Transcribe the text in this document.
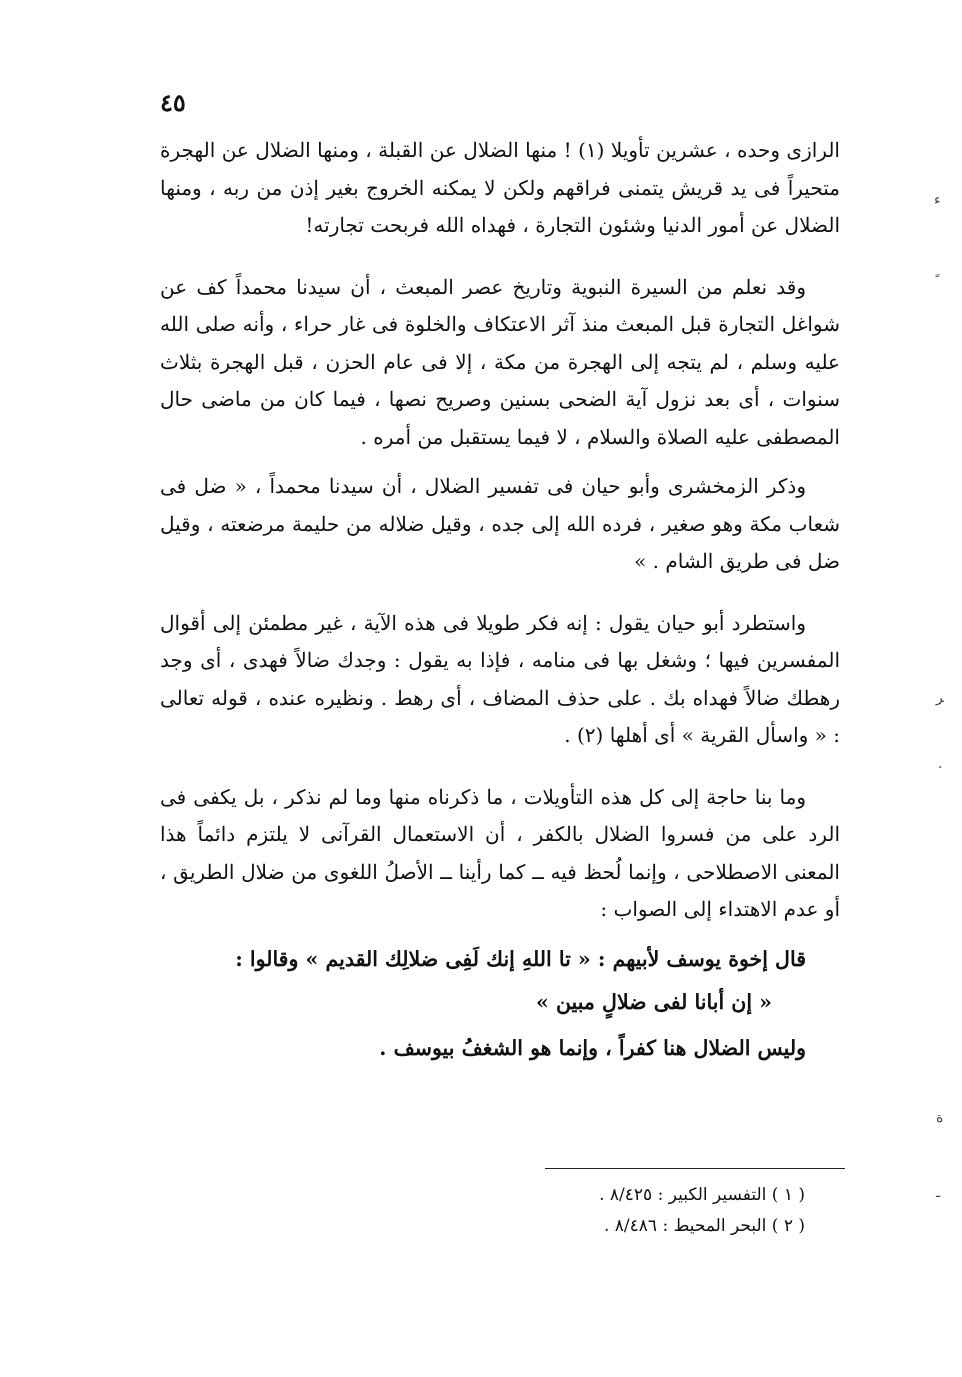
٤٥

الرازى وحده ، عشرين تأويلا (١) ! منها الضلال عن القبلة ، ومنها الضلال عن الهجرة متحيراً فى يد قريش يتمنى فراقهم ولكن لا يمكنه الخروج بغير إذن من ربه ، ومنها الضلال عن أمور الدنيا وشئون التجارة ، فهداه الله فربحت تجارته!

وقد نعلم من السيرة النبوية وتاريخ عصر المبعث ، أن سيدنا محمداً كف عن شواغل التجارة قبل المبعث منذ آثر الاعتكاف والخلوة فى غار حراء ، وأنه صلى الله عليه وسلم ، لم يتجه إلى الهجرة من مكة ، إلا فى عام الحزن ، قبل الهجرة بثلاث سنوات ، أى بعد نزول آية الضحى بسنين وصريح نصها ، فيما كان من ماضى حال المصطفى عليه الصلاة والسلام ، لا فيما يستقبل من أمره .

وذكر الزمخشرى وأبو حيان فى تفسير الضلال ، أن سيدنا محمداً ، « ضل فى شعاب مكة وهو صغير ، فرده الله إلى جده ، وقيل ضلاله من حليمة مرضعته ، وقيل ضل فى طريق الشام . »

واستطرد أبو حيان يقول : إنه فكر طويلا فى هذه الآية ، غير مطمئن إلى أقوال المفسرين فيها ؛ وشغل بها فى منامه ، فإذا به يقول : وجدك ضالاً فهدى ، أى وجد رهطك ضالاً فهداه بك . على حذف المضاف ، أى رهط . ونظيره عنده ، قوله تعالى : « واسأل القرية » أى أهلها (٢) .

وما بنا حاجة إلى كل هذه التأويلات ، ما ذكرناه منها وما لم نذكر ، بل يكفى فى الرد على من فسروا الضلال بالكفر ، أن الاستعمال القرآنى لا يلتزم دائماً هذا المعنى الاصطلاحى ، وإنما لُحظ فيه ــ كما رأينا ــ الأصلُ اللغوى من ضلال الطريق ، أو عدم الاهتداء إلى الصواب :

قال إخوة يوسف لأبيهم : « تا اللهِ إنك لَفِى ضلالِك القديم » وقالوا :

« إن أبانا لفى ضلالٍ مبين »

وليس الضلال هنا كفراً ، وإنما هو الشغفُ بيوسف .

( ١ ) التفسير الكبير : ٨/٤٢٥ .
( ٢ ) البحر المحيط : ٨/٤٨٦ .
ﺀ
ﺮ
·
ﺓ
ـ
